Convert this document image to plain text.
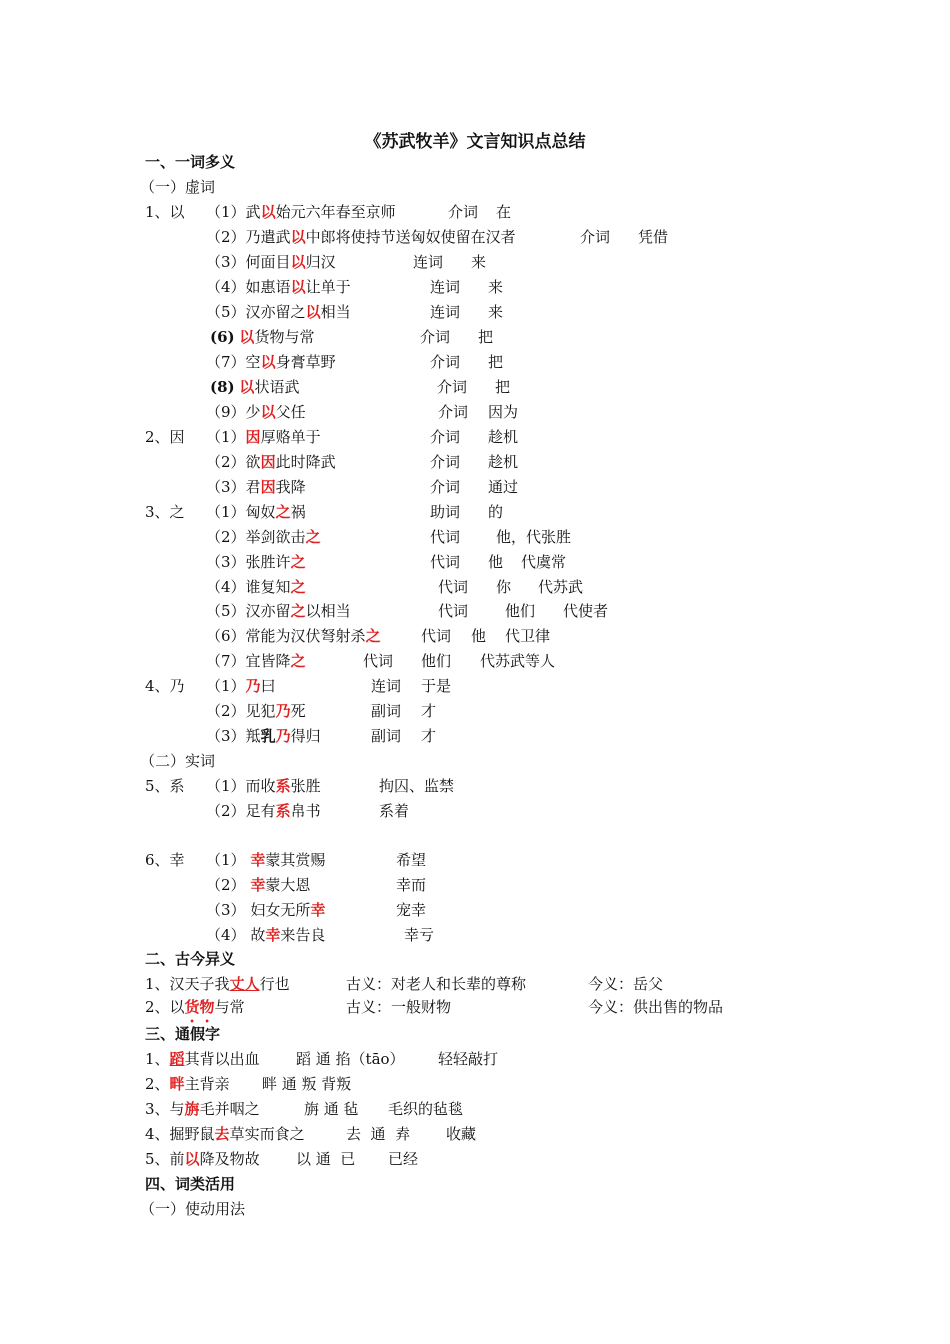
《苏武牧羊》文言知识点总结
一、一词多义
（一）虚词
1、以 （1）武以始元六年春至京师	介词 在
（2）乃遣武以中郎将使持节送匈奴使留在汉者	介词 凭借
（3）何面目以归汉	连词 来
（4）如惠语以让单于	连词 来
（5）汉亦留之以相当	连词 来
(6) 以货物与常	介词 把
（7）空以身膏草野	介词 把
(8) 以状语武	介词 把
（9）少以父任	介词 因为
2、因 （1）因厚赂单于	介词 趁机
（2）欲因此时降武	介词 趁机
（3）君因我降	介词 通过
3、之 （1）匈奴之祸	助词 的
（2）举剑欲击之	代词 他，代张胜
（3）张胜许之	代词 他 代虞常
（4）谁复知之	代词 你 代苏武
（5）汉亦留之以相当	代词 他们 代使者
（6）常能为汉伏弩射杀之	代词 他 代卫律
（7）宜皆降之	代词 他们 代苏武等人
4、乃 （1）乃曰	连词 于是
（2）见犯乃死	副词 才
（3）羝乳乃得归	副词 才
（二）实词
5、系 （1）而收系张胜	拘囚、监禁
（2）足有系帛书	系着
6、幸 （1） 幸蒙其赏赐	希望
（2） 幸蒙大恩	幸而
（3） 妇女无所幸	宠幸
（4） 故幸来告良	幸亏
二、古今异义
1、汉天子我丈人行也	古义：对老人和长辈的尊称	今义：岳父
2、以货物与常	古义：一般财物	今义：供出售的物品
三、通假字
1、蹈其背以出血 蹈 通 掐（tāo） 轻轻敲打
2、畔主背亲 畔 通 叛 背叛
3、与旃毛并咽之	旃 通 毡 毛织的毡毯
4、掘野鼠去草实而食之	去  通  弆 收藏
5、前以降及物故 以 通  已 已经
四、词类活用
（一）使动用法
